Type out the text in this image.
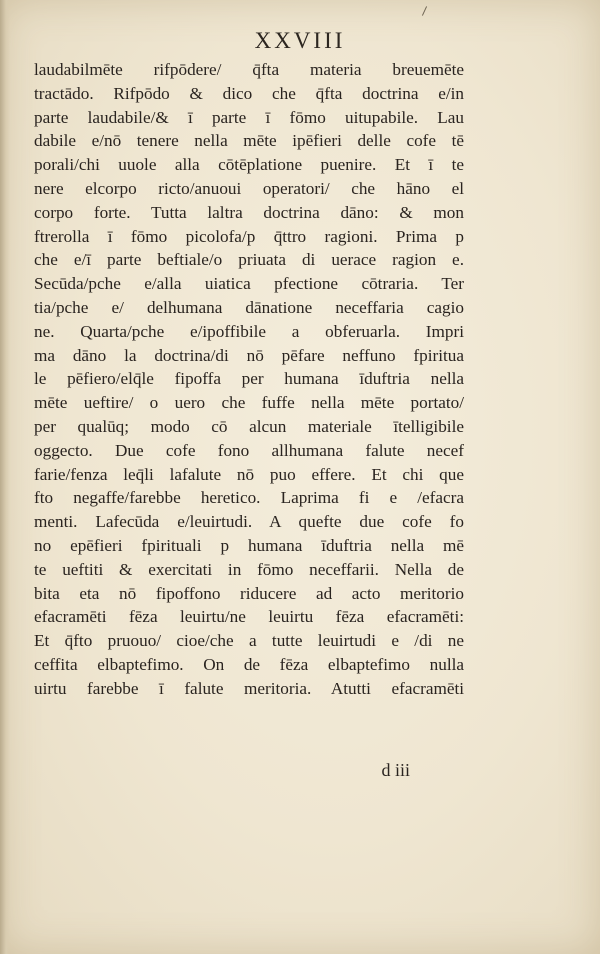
XXVIII
laudabilmēte rifpōdere/ q̄fta materia breuemēte
tractādo. Rifpōdo & dico che q̄fta doctrina e/in
parte laudabile/& ī parte ī fōmo uitupabile. Lau
dabile e/nō tenere nella mēte ipēfieri delle cofe tē
porali/chi uuole alla cōtēplatione puenire. Et ī te
nere elcorpo ricto/anuoui operatori/ che hāno el
corpo forte. Tutta laltra doctrina dāno: & mon
ftrerolla ī fōmo picolofa/p q̄ttro ragioni. Prima p
che e/ī parte beftiale/o priuata di uerace ragion e.
Secūda/pche e/alla uiatica pfectione cōtraria. Ter
tia/pche e/ delhumana dānatione neceffaria cagio
ne. Quarta/pche e/ipoffibile a obferuarla. Impri
ma dāno la doctrina/di nō pēfare neffuno fpiritua
le pēfiero/elq̄le fipoffa per humana īduftria nella
mēte ueftire/ o uero che fuffe nella mēte portato/
per qualūq; modo cō alcun materiale ītelligibile
oggecto. Due cofe fono allhumana falute necef
farie/fenza leq̄li lafalute nō puo effere. Et chi que
fto negaffe/farebbe heretico. Laprima fi e /efacra
menti. Lafecūda e/leuirtudi. A quefte due cofe fo
no epēfieri fpirituali p humana īduftria nella mē
te ueftiti & exercitati in fōmo neceffarii. Nella de
bita eta nō fipoffono riducere ad acto meritorio
efacramēti fēza leuirtu/ne leuirtu fēza efacramēti:
Et q̄fto pruouo/ cioe/che a tutte leuirtudi e /di ne
ceffita elbaptefimo. On de fēza elbaptefimo nulla
uirtu farebbe ī falute meritoria. Atutti efacramēti
d iii
